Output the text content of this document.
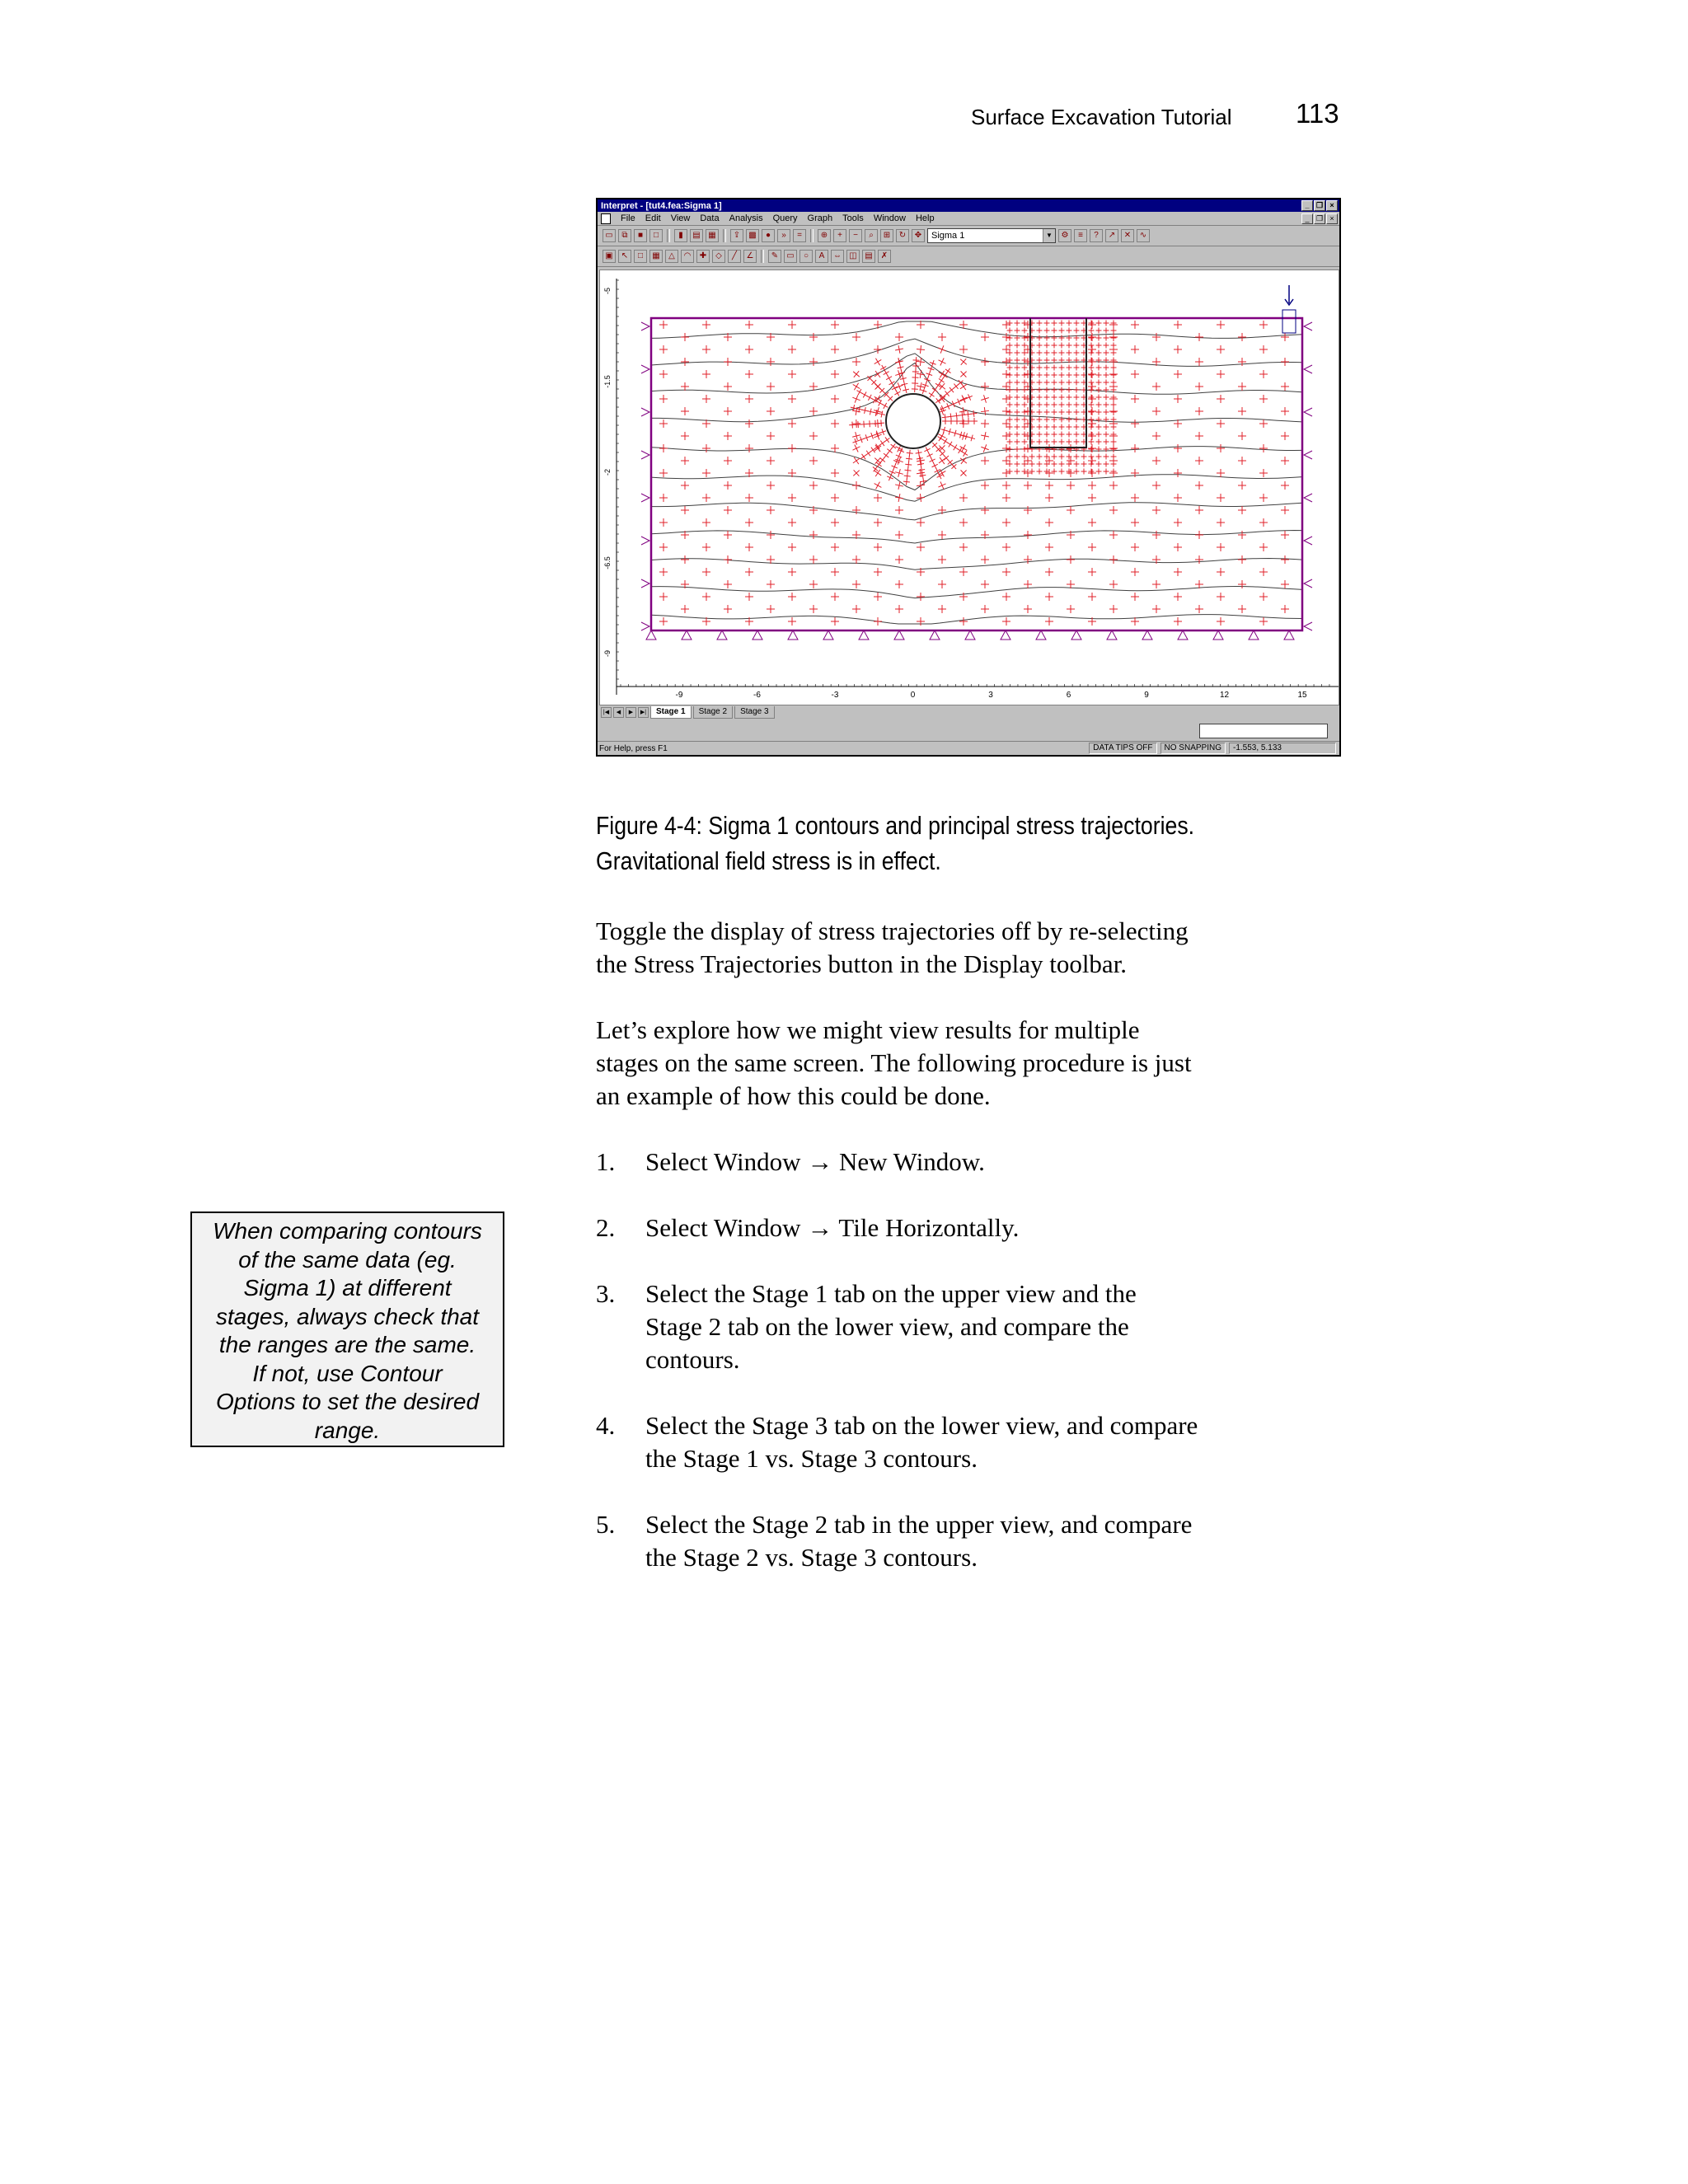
Surface Excavation Tutorial 113
Interpret - [tut4.fea:Sigma 1]	_ ❐ ×
File Edit View Data Analysis Query Graph Tools Window Help	_ ❐ ×
▭	⧉	■	□	▮	▤ ▦	⇪	▩	●	»	=	⊕	+	−	⌕	⊞	↻	✥	Sigma 1	▼	⚙	≡	?	↗	✕	∿
▣	↖	□	▦	△	◠	✚	◇	╱	∠	✎	▭	○	A	⇔ ◫ ▤	✗
-5
-1.5
-2
-6.5
-9
-9	-6	-3	0	3	6	9	12	15
|◀	◀	▶	▶|	Stage 1	Stage 2	Stage 3
For Help, press F1	DATA TIPS OFF	NO SNAPPING	-1.553, 5.133
Figure 4-4: Sigma 1 contours and principal stress trajectories.
Gravitational field stress is in effect.
Toggle the display of stress trajectories off by re-selecting
the Stress Trajectories button in the Display toolbar.
Let’s explore how we might view results for multiple
stages on the same screen. The following procedure is just
an example of how this could be done.
1. Select Window → New Window.
2. Select Window → Tile Horizontally.
3. Select the Stage 1 tab on the upper view and the
Stage 2 tab on the lower view, and compare the
contours.
4. Select the Stage 3 tab on the lower view, and compare
the Stage 1 vs. Stage 3 contours.
5. Select the Stage 2 tab in the upper view, and compare
the Stage 2 vs. Stage 3 contours.
When comparing contours
of the same data (eg.
Sigma 1) at different
stages, always check that
the ranges are the same.
If not, use Contour
Options to set the desired
range.
